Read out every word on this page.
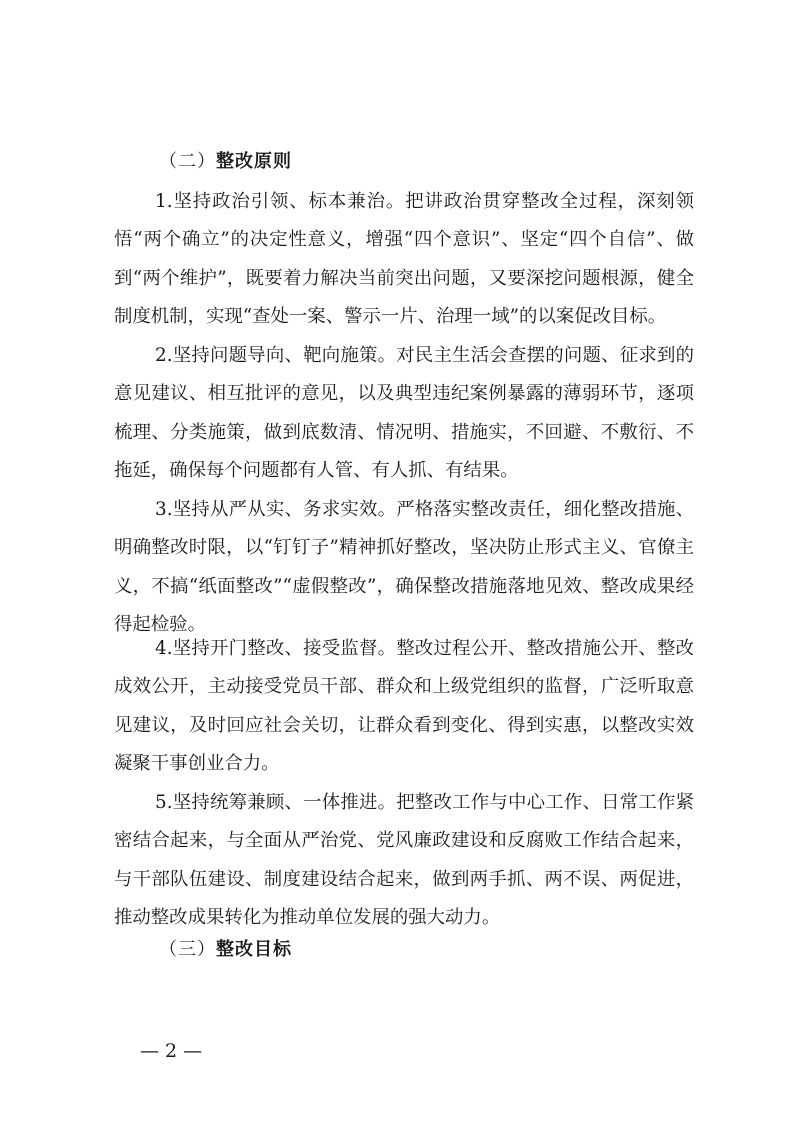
（二）整改原则

1.坚持政治引领、标本兼治。把讲政治贯穿整改全过程，深刻领悟“两个确立”的决定性意义，增强“四个意识”、坚定“四个自信”、做到“两个维护”，既要着力解决当前突出问题，又要深挖问题根源，健全制度机制，实现“查处一案、警示一片、治理一域”的以案促改目标。

2.坚持问题导向、靶向施策。对民主生活会查摆的问题、征求到的意见建议、相互批评的意见，以及典型违纪案例暴露的薄弱环节，逐项梳理、分类施策，做到底数清、情况明、措施实，不回避、不敷衍、不拖延，确保每个问题都有人管、有人抓、有结果。

3.坚持从严从实、务求实效。严格落实整改责任，细化整改措施、明确整改时限，以“钉钉子”精神抓好整改，坚决防止形式主义、官僚主义，不搞“纸面整改”“虚假整改”，确保整改措施落地见效、整改成果经得起检验。

4.坚持开门整改、接受监督。整改过程公开、整改措施公开、整改成效公开，主动接受党员干部、群众和上级党组织的监督，广泛听取意见建议，及时回应社会关切，让群众看到变化、得到实惠，以整改实效凝聚干事创业合力。

5.坚持统筹兼顾、一体推进。把整改工作与中心工作、日常工作紧密结合起来，与全面从严治党、党风廉政建设和反腐败工作结合起来，与干部队伍建设、制度建设结合起来，做到两手抓、两不误、两促进，推动整改成果转化为推动单位发展的强大动力。

（三）整改目标
— 2 —
